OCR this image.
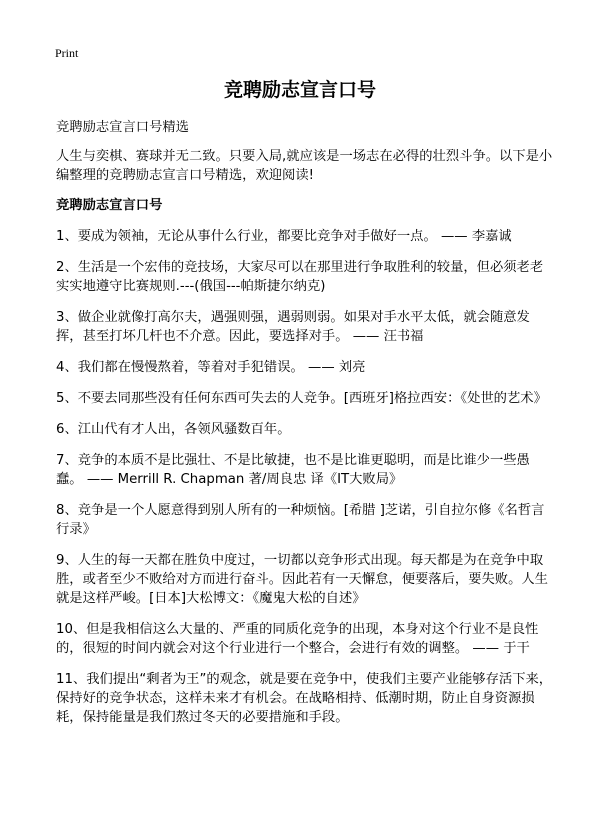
Print
竞聘励志宣言口号

竞聘励志宣言口号精选

人生与奕棋、赛球并无二致。只要入局,就应该是一场志在必得的壮烈斗争。以下是小编整理的竞聘励志宣言口号精选，欢迎阅读!

竞聘励志宣言口号

1、要成为领袖，无论从事什么行业，都要比竞争对手做好一点。 —— 李嘉诚

2、生活是一个宏伟的竞技场，大家尽可以在那里进行争取胜利的较量，但必须老老实实地遵守比赛规则.---(俄国---帕斯捷尔纳克)

3、做企业就像打高尔夫，遇强则强，遇弱则弱。如果对手水平太低，就会随意发挥，甚至打坏几杆也不介意。因此，要选择对手。 —— 汪书福

4、我们都在慢慢熬着，等着对手犯错误。 —— 刘亮

5、不要去同那些没有任何东西可失去的人竞争。[西班牙]格拉西安：《处世的艺术》

6、江山代有才人出，各领风骚数百年。

7、竞争的本质不是比强壮、不是比敏捷，也不是比谁更聪明，而是比谁少一些愚蠢。 —— Merrill R. Chapman 著/周良忠 译《IT大败局》

8、竞争是一个人愿意得到别人所有的一种烦恼。[希腊 ]芝诺，引自拉尔修《名哲言行录》

9、人生的每一天都在胜负中度过，一切都以竞争形式出现。每天都是为在竞争中取胜，或者至少不败给对方而进行奋斗。因此若有一天懈怠，便要落后，要失败。人生就是这样严峻。[日本]大松博文：《魔鬼大松的自述》

10、但是我相信这么大量的、严重的同质化竞争的出现，本身对这个行业不是良性的，很短的时间内就会对这个行业进行一个整合，会进行有效的调整。 —— 于干

11、我们提出“剩者为王”的观念，就是要在竞争中，使我们主要产业能够存活下来，保持好的竞争状态，这样未来才有机会。在战略相持、低潮时期，防止自身资源损耗，保持能量是我们熬过冬天的必要措施和手段。
